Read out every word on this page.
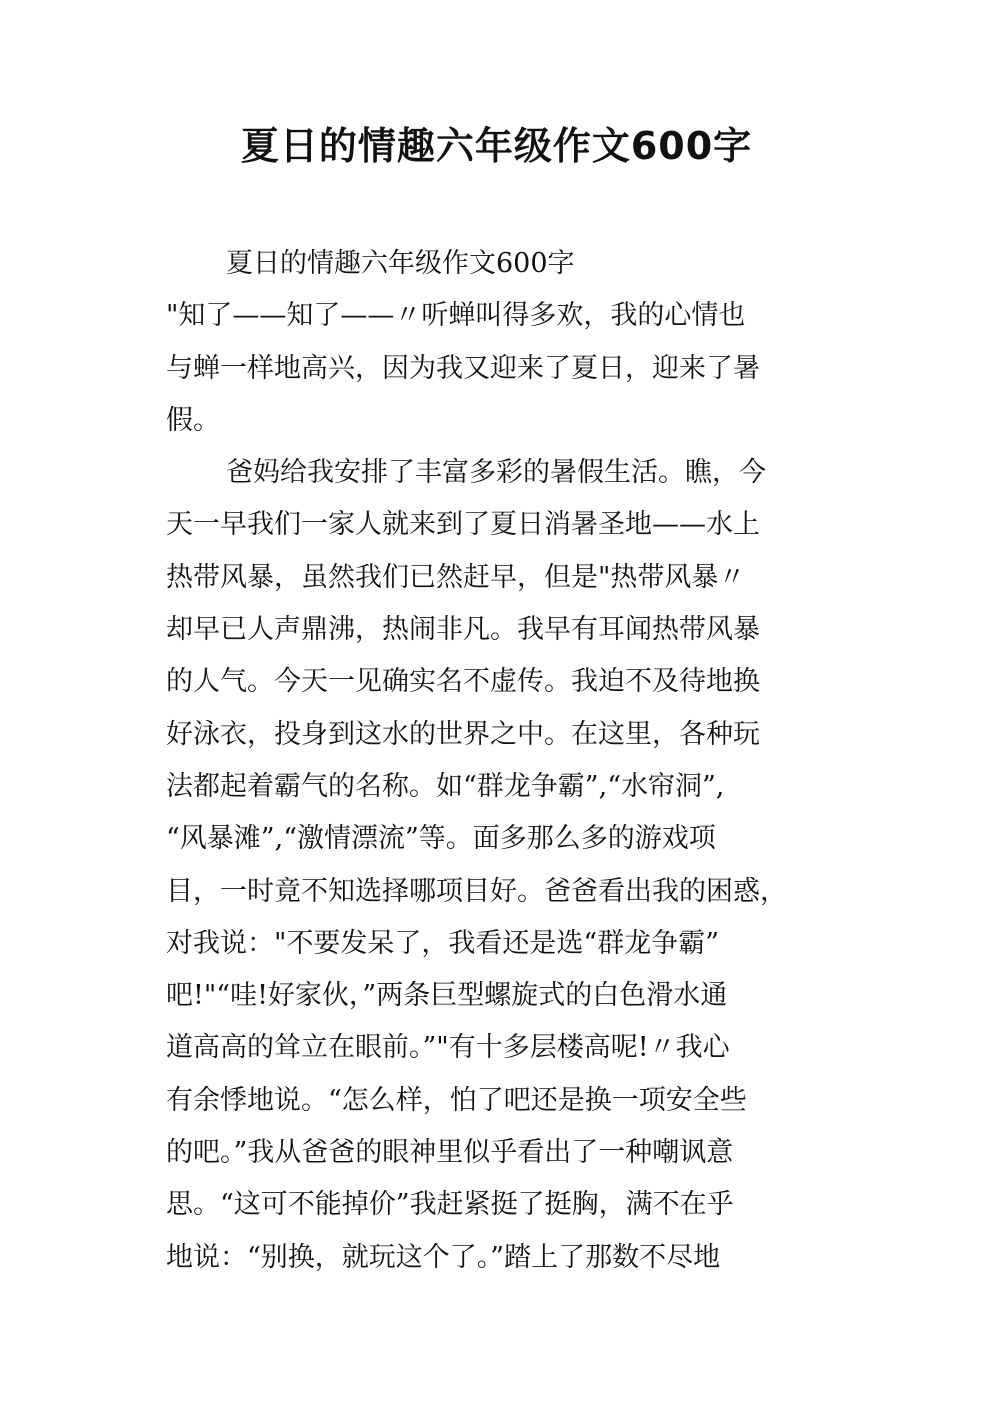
夏日的情趣六年级作文600字
夏日的情趣六年级作文600字
"知了——知了——〃听蝉叫得多欢，我的心情也
与蝉一样地高兴，因为我又迎来了夏日，迎来了暑
假。
爸妈给我安排了丰富多彩的暑假生活。瞧，今
天一早我们一家人就来到了夏日消暑圣地——水上
热带风暴，虽然我们已然赶早，但是"热带风暴〃
却早已人声鼎沸，热闹非凡。我早有耳闻热带风暴
的人气。今天一见确实名不虚传。我迫不及待地换
好泳衣，投身到这水的世界之中。在这里，各种玩
法都起着霸气的名称。如“群龙争霸”,“水帘洞”,
“风暴滩”,“激情漂流”等。面多那么多的游戏项
目，一时竟不知选择哪项目好。爸爸看出我的困惑，
对我说："不要发呆了，我看还是选“群龙争霸”
吧!"“哇!好家伙，”两条巨型螺旋式的白色滑水通
道高高的耸立在眼前。”"有十多层楼高呢!〃我心
有余悸地说。“怎么样，怕了吧还是换一项安全些
的吧。”我从爸爸的眼神里似乎看出了一种嘲讽意
思。“这可不能掉价”我赶紧挺了挺胸，满不在乎
地说：“别换，就玩这个了。”踏上了那数不尽地
